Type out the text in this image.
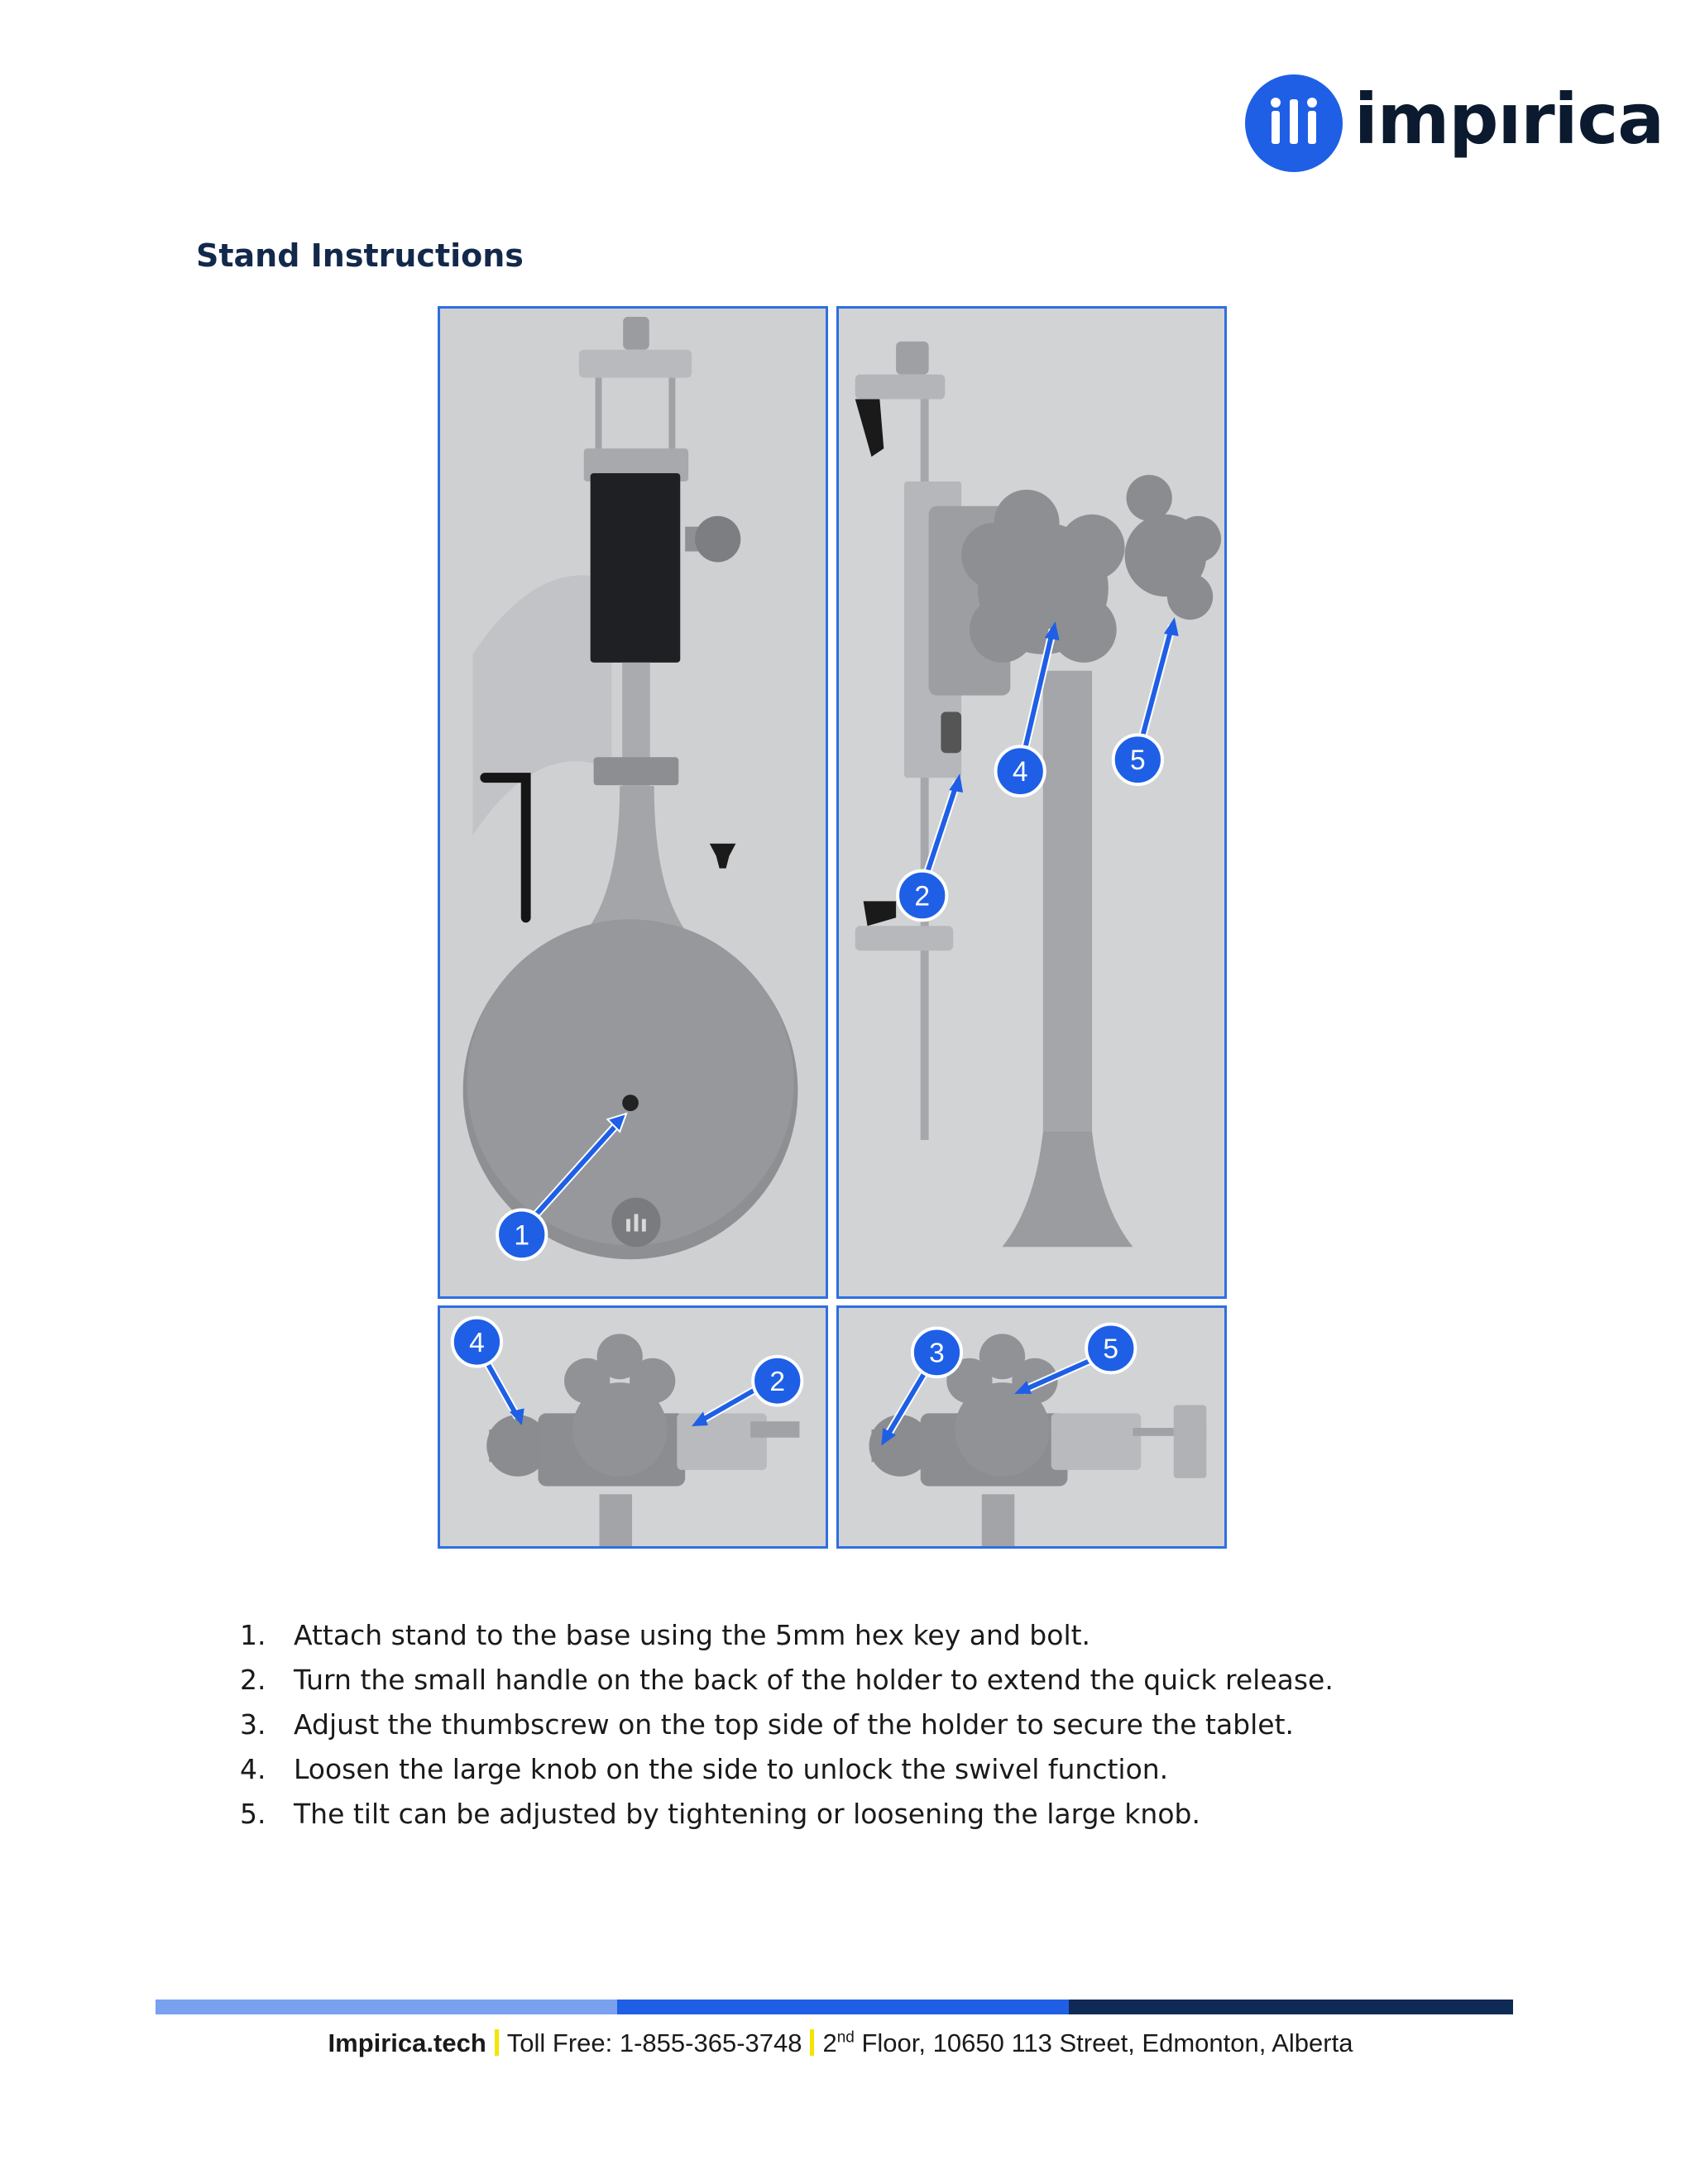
impırica
Stand Instructions
ılı
1
2
4	5
4
2
3	5
1. Attach stand to the base using the 5mm hex key and bolt.
2. Turn the small handle on the back of the holder to extend the quick release.
3. Adjust the thumbscrew on the top side of the holder to secure the tablet.
4. Loosen the large knob on the side to unlock the swivel function.
5. The tilt can be adjusted by tightening or loosening the large knob.
Impirica.tech Toll Free: 1-855-365-3748 2nd Floor, 10650 113 Street, Edmonton, Alberta
